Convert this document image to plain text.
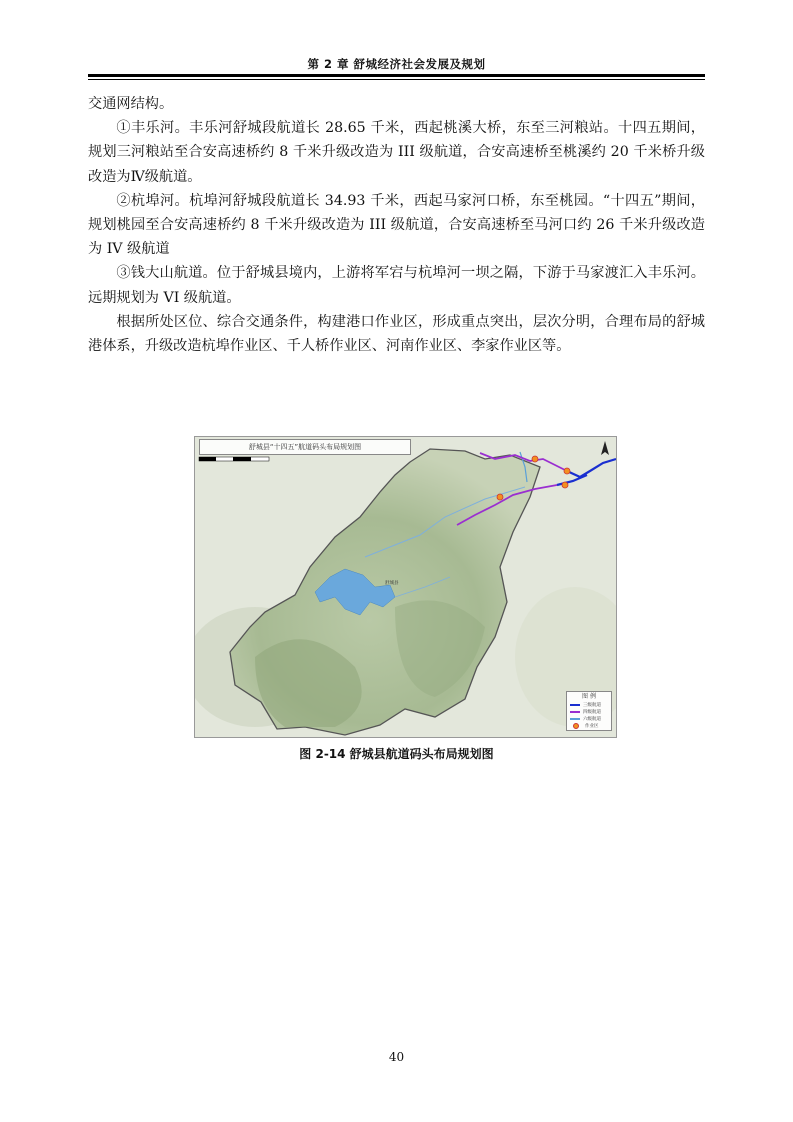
第 2 章 舒城经济社会发展及规划

交通网结构。

①丰乐河。丰乐河舒城段航道长 28.65 千米，西起桃溪大桥，东至三河粮站。十四五期间，规划三河粮站至合安高速桥约 8 千米升级改造为 III 级航道，合安高速桥至桃溪约 20 千米桥升级改造为Ⅳ级航道。

②杭埠河。杭埠河舒城段航道长 34.93 千米，西起马家河口桥，东至桃园。“十四五”期间，规划桃园至合安高速桥约 8 千米升级改造为 III 级航道，合安高速桥至马河口约 26 千米升级改造为 IV 级航道

③钱大山航道。位于舒城县境内，上游将军宕与杭埠河一坝之隔，下游于马家渡汇入丰乐河。远期规划为 VI 级航道。

根据所处区位、综合交通条件，构建港口作业区，形成重点突出，层次分明，合理布局的舒城港体系，升级改造杭埠作业区、千人桥作业区、河南作业区、李家作业区等。

舒城县“十四五”航道码头布局规划图
舒城县
图 例
三级航道
四级航道
六级航道
作业区
图 2-14 舒城县航道码头布局规划图
40
